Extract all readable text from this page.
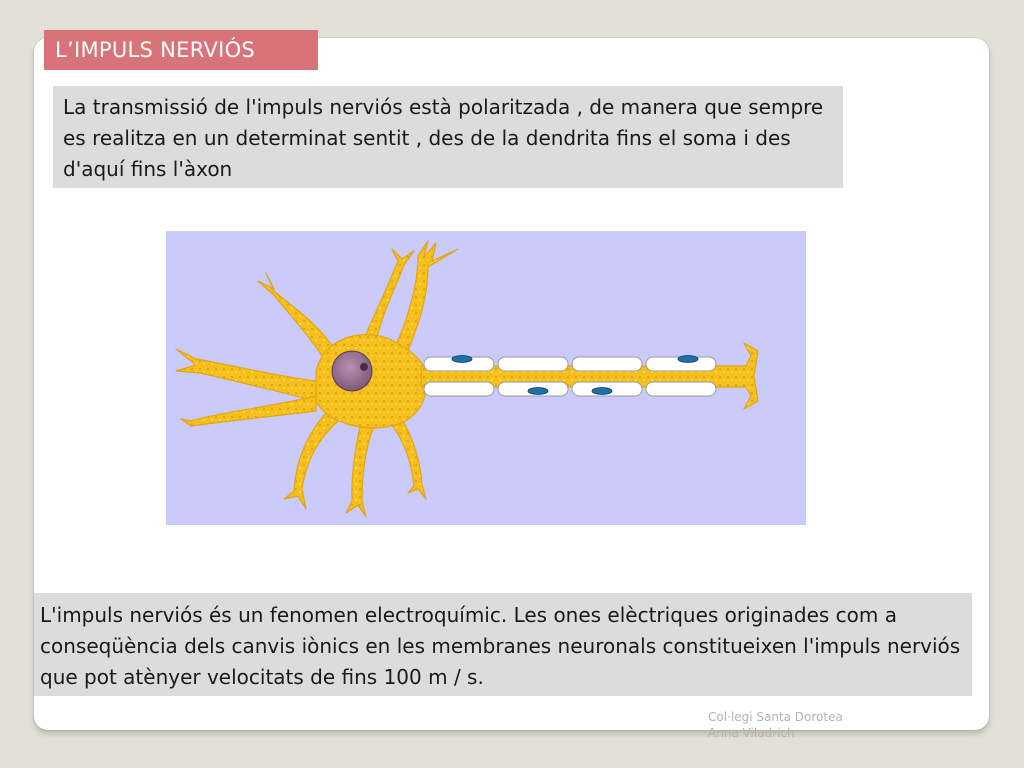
L’IMPULS NERVIÓS
La transmissió de l'impuls nerviós està polaritzada , de manera que sempre es realitza en un determinat sentit , des de la dendrita fins el soma i des d'aquí fins l'àxon
L'impuls nerviós és un fenomen electroquímic. Les ones elèctriques originades com a conseqüència dels canvis iònics en les membranes neuronals constitueixen l'impuls nerviós que pot atènyer velocitats de fins 100 m / s.
Col·legi Santa Dorotea
Anna Viladrich
